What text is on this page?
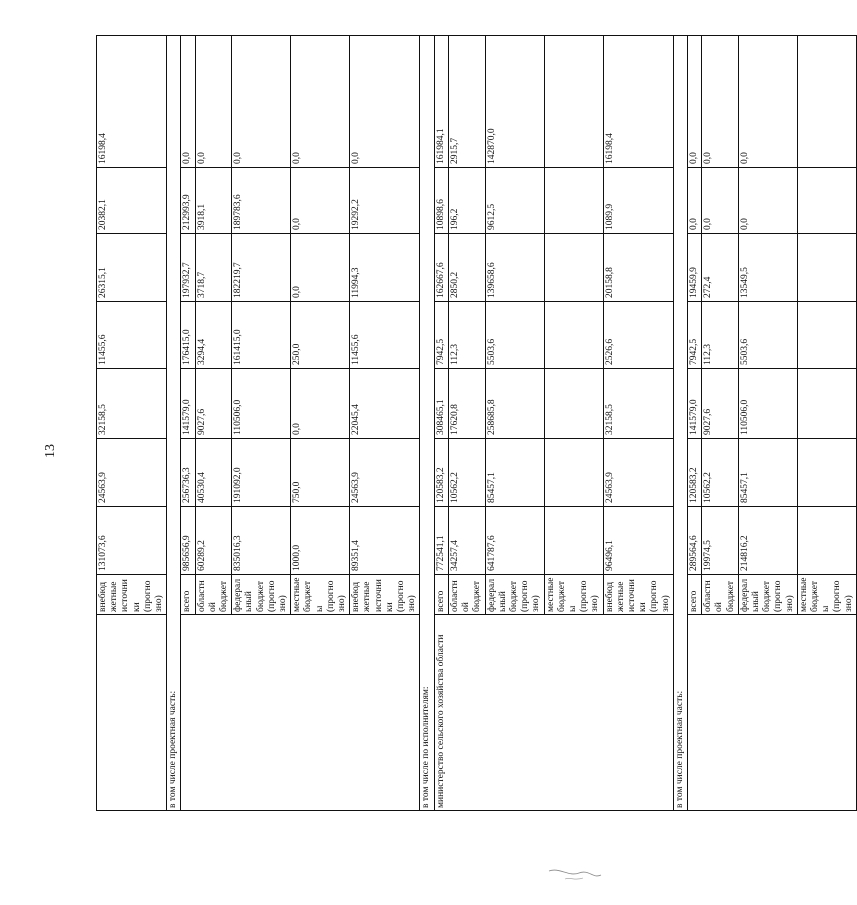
13
	внебюджетные источники (прогнозно)	131073,6	24563,9	32158,5	11455,6	26315,1	20382,1	16198,4
в том числе проектная часть:								
	всего	985656,9	256736,3	141579,0	176415,0	197932,7	212993,9	0,0
	областной бюджет	60289,2	40530,4	9027,6	3294,4	3718,7	3918,1	0,0
	федеральный бюджет (прогнозно)	835016,3	191092,0	110506,0	161415,0	182219,7	189783,6	0,0
	местные бюджеты (прогнозно)	1000,0	750,0	0,0	250,0	0,0	0,0	0,0
	внебюджетные источники (прогнозно)	89351,4	24563,9	22045,4	11455,6	11994,3	19292,2	0,0
в том числе по исполнителям:								
министерство сельского хозяйства области	всего	772541,1	120583,2	308465,1	7942,5	162667,6	10898,6	161984,1
	областной бюджет	34257,4	10562,2	17620,8	112,3	2850,2	196,2	2915,7
	федеральный бюджет (прогнозно)	641787,6	85457,1	258685,8	5503,6	139658,6	9612,5	142870,0
	местные бюджеты (прогнозно)							
	внебюджетные источники (прогнозно)	96496,1	24563,9	32158,5	2526,6	20158,8	1089,9	16198,4
в том числе проектная часть:								
	всего	289564,6	120583,2	141579,0	7942,5	19459,9	0,0	0,0
	областной бюджет	19974,5	10562,2	9027,6	112,3	272,4	0,0	0,0
	федеральный бюджет (прогнозно)	214816,2	85457,1	110506,0	5503,6	13549,5	0,0	0,0
	местные бюджеты (прогнозно)							
